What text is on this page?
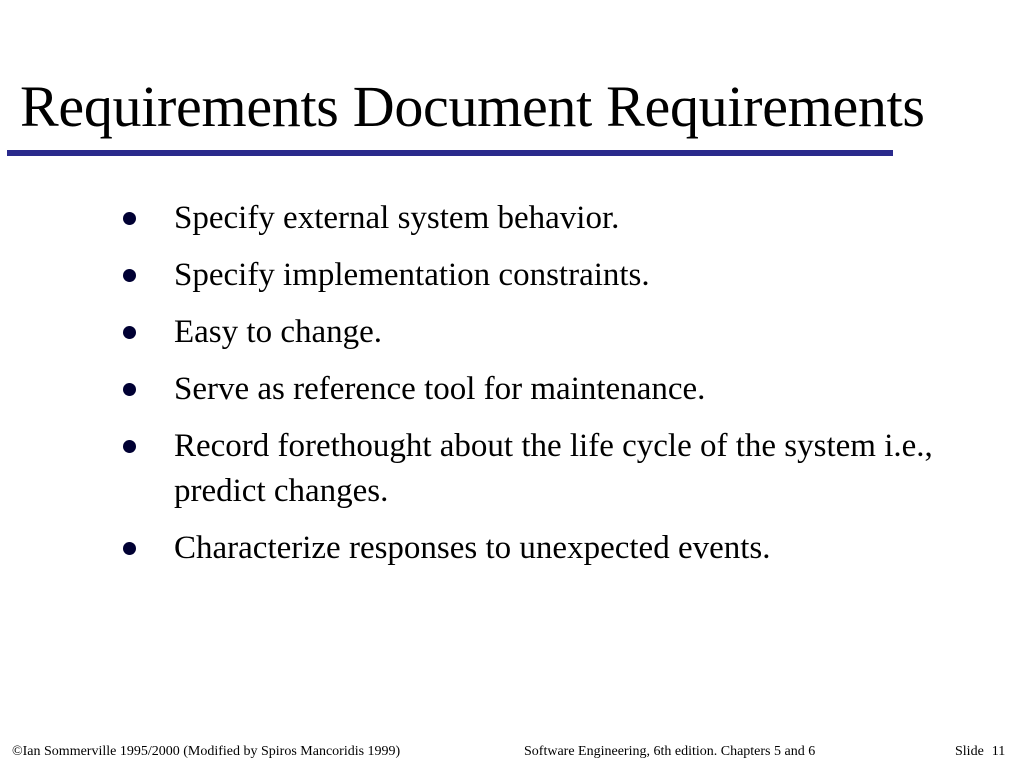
Requirements Document Requirements
Specify external system behavior.
Specify implementation constraints.
Easy to change.
Serve as reference tool for maintenance.
Record forethought about the life cycle of the system i.e., predict changes.
Characterize responses to unexpected events.
©Ian Sommerville 1995/2000 (Modified by Spiros Mancoridis 1999)	Software Engineering, 6th edition. Chapters 5 and 6	Slide 11
